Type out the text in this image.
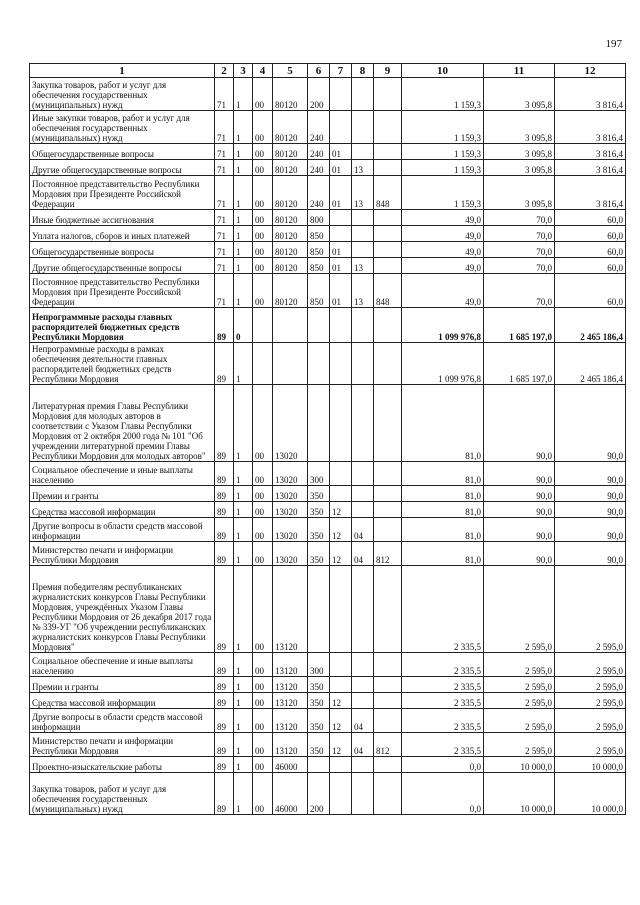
197
1	2	3	4	5	6	7	8	9	10	11	12
Закупка товаров, работ и услуг для обеспечения государственных (муниципальных) нужд	71	1	00	80120	200				1 159,3	3 095,8	3 816,4
Иные закупки товаров, работ и услуг для обеспечения государственных (муниципальных) нужд	71	1	00	80120	240				1 159,3	3 095,8	3 816,4
Общегосударственные вопросы	71	1	00	80120	240	01			1 159,3	3 095,8	3 816,4
Другие общегосударственные вопросы	71	1	00	80120	240	01	13		1 159,3	3 095,8	3 816,4
Постоянное представительство Республики Мордовия при Президенте Российской Федерации	71	1	00	80120	240	01	13	848	1 159,3	3 095,8	3 816,4
Иные бюджетные ассигнования	71	1	00	80120	800				49,0	70,0	60,0
Уплата налогов, сборов и иных платежей	71	1	00	80120	850				49,0	70,0	60,0
Общегосударственные вопросы	71	1	00	80120	850	01			49,0	70,0	60,0
Другие общегосударственные вопросы	71	1	00	80120	850	01	13		49,0	70,0	60,0
Постоянное представительство Республики Мордовия при Президенте Российской Федерации	71	1	00	80120	850	01	13	848	49,0	70,0	60,0
Непрограммные расходы главных распорядителей бюджетных средств Республики Мордовия	89	0							1 099 976,8	1 685 197,0	2 465 186,4
Непрограммные расходы в рамках обеспечения деятельности главных распорядителей бюджетных средств Республики Мордовия	89	1							1 099 976,8	1 685 197,0	2 465 186,4
Литературная премия Главы Республики Мордовия для молодых авторов в соответствии с Указом Главы Республики Мордовия от 2 октября 2000 года № 101 "Об учреждении литературной премии Главы Республики Мордовия для молодых авторов"	89	1	00	13020					81,0	90,0	90,0
Социальное обеспечение и иные выплаты населению	89	1	00	13020	300				81,0	90,0	90,0
Премии и гранты	89	1	00	13020	350				81,0	90,0	90,0
Средства массовой информации	89	1	00	13020	350	12			81,0	90,0	90,0
Другие вопросы в области средств массовой информации	89	1	00	13020	350	12	04		81,0	90,0	90,0
Министерство печати и информации Республики Мордовия	89	1	00	13020	350	12	04	812	81,0	90,0	90,0
Премия победителям республиканских журналистских конкурсов Главы Республики Мордовия, учреждённых Указом Главы Республики Мордовия от 26 декабря 2017 года № 339-УГ "Об учреждении республиканских журналистских конкурсов Главы Республики Мордовия"	89	1	00	13120					2 335,5	2 595,0	2 595,0
Социальное обеспечение и иные выплаты населению	89	1	00	13120	300				2 335,5	2 595,0	2 595,0
Премии и гранты	89	1	00	13120	350				2 335,5	2 595,0	2 595,0
Средства массовой информации	89	1	00	13120	350	12			2 335,5	2 595,0	2 595,0
Другие вопросы в области средств массовой информации	89	1	00	13120	350	12	04		2 335,5	2 595,0	2 595,0
Министерство печати и информации Республики Мордовия	89	1	00	13120	350	12	04	812	2 335,5	2 595,0	2 595,0
Проектно-изыскательские работы	89	1	00	46000					0,0	10 000,0	10 000,0
Закупка товаров, работ и услуг для обеспечения государственных (муниципальных) нужд	89	1	00	46000	200				0,0	10 000,0	10 000,0
